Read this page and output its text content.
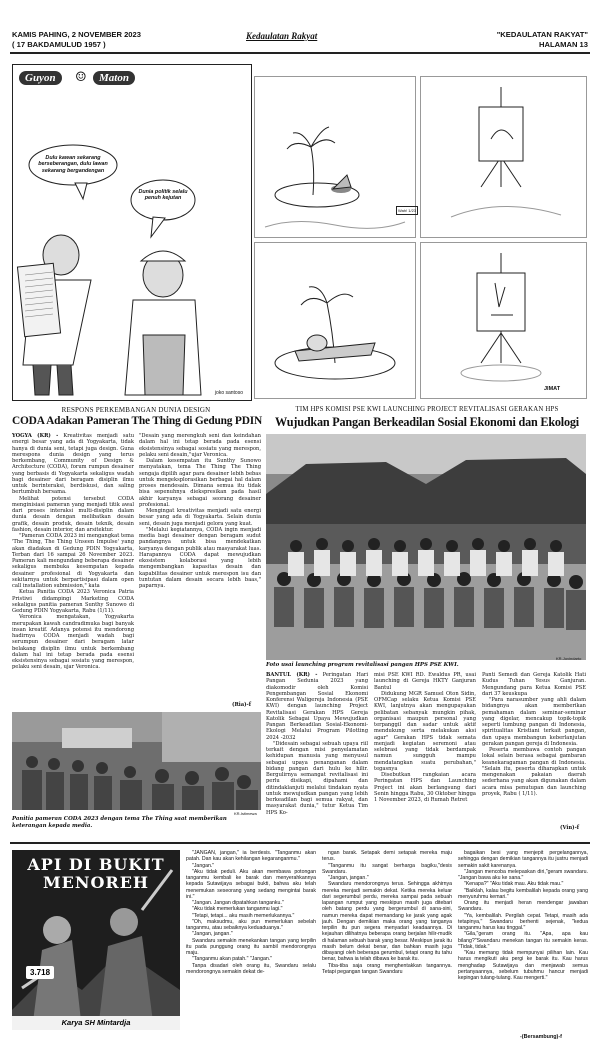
KAMIS PAHING, 2 NOVEMBER 2023
( 17 BAKDAMULUD 1957 )
Kedaulatan Rakyat	"KEDAULATAN RAKYAT"
HALAMAN 13
Guyon	☺	Maton
Dulu kawan sekarang berseberangan, dulu lawan sekarang bergandengan
Dunia politik selalu penuh kejutan
joko santoso
Wah! 1/23
JIMAT
RESPONS PERKEMBANGAN DUNIA DESIGN
CODA Adakan Pameran The Thing di Gedung PDIN

YOGYA (KR) - Kreativitas menjadi satu energi besar yang ada di Yogyakarta, tidak hanya di dunia seni, tetapi juga design. Guna merespons dunia design yang terus berkembang, Community of Design & Architecture (CODA), forum rumpun desainer yang berbasis di Yogyakarta sekaligus wadah bagi desainer dari beragam disiplin ilmu untuk berinteraksi, berdiskusi, dan saling bertumbuh bersama.

Melihat potensi tersebut CODA menginisiasi pameran yang menjadi titik awal dari proses interaksi multi-disiplin dalam dunia desain dengan melibatkan desain grafik, desain produk, desain teknik, desain fashion, desain interior, dan arsitektur.

"Pameran CODA 2023 ini mengangkat tema 'The Thing, The Thing Unseen Impulse' yang akan diadakan di Gedung PDIN Yogyakarta, Terban dari 16 sampai 26 November 2023. Pameran kali mengundang beberapa desainer sekaligus membuka kesempatan kepada desainer profesional di Yogyakarta dan sekitarnya untuk berpartisipasi dalam open call installation submission," kata

Ketua Panitia CODA 2023 Veronica Patria Pristiwi didampingi Marketing CODA sekaligus panitia pameran Sunthy Sunowo di Gedung PDIN Yogyakarta, Rabu (1/11).

Veronica mengatakan, Yogyakarta merupakan kawah candradimuka bagi banyak insan kreatif. Adanya potensi itu mendorong hadirnya CODA menjadi wadah bagi serumpun desainer dari beragam latar belakang disiplin ilmu untuk berkembang dalam hal ini tetap berada pada esensi eksistensinya sebagai sosiatu yang merespon, pelaku seni desain, ujar Veronica.

"Desain yang merengkuh seni dan keindahan dalam hal ini tetap berada pada esensi eksistensinya sebagai sosiatu yang merespon, pelaku seni desain,"ujar Veronica.

Dalam kesempatan itu Sunthy Sunowo menyatakan, tema The Thing The Thing sengaja dipilih agar para desainer lebih bebas untuk mengeksplorasikan berbagai hal dalam proses mendesain. Dimana semua itu tidak bisa sepenuhnya diekspresikan pada hasil akhir karyanya sebagai seorang desainer profesional.

Mengingat kreativitas menjadi satu energi besar yang ada di Yogyakarta. Selain dunia seni, desain juga menjadi gelora yang kuat.

"Melalui kegiatannya, CODA ingin menjadi media bagi desainer dengan beragam sudut pandangnya untuk bisa mendekatkan karyanya dengan publik atau masyarakat luas. Harapannya CODA dapat mewujudkan ekosistem kolaborasi yang lebih mengembangkan kapasitas desain dan kapabilitas desainer untuk merespon isu dan tuntutan dalam desain secara lebih baas," paparnya.

(Ria)-f
KR-Istimewa
Panitia pameran CODA 2023 dengan tema The Thing saat memberikan keterangan kepada media.
TIM HPS KOMISI PSE KWI LAUNCHING PROJECT REVITALISASI GERAKAN HPS
Wujudkan Pangan Berkeadilan Sosial Ekonomi dan Ekologi
KR-Jovindarto
Foto usai launching program revitalisasi pangan HPS PSE KWI.

BANTUL (KR) - Peringatan Hari Pangan Sedunia 2023 yang diakomodir oleh Komisi Pengembangan Sosial Ekonomi Konferensi Waligereja Indonesia (PSE KWI) dengan launching Project Revitalisasi Gerakan HPS Gereja Katolik Sebagai Upaya Mewujudkan Pangan Berkeadilan Sosial-Ekonomi-Ekologi Melalui Program Pilotting 2024 -2032

"Didesain sebagai sebuah upaya riil terkait dengan misi penyelamatan kehidupan manusia yang menyusul sebagai upaya penanganan dalam bidang pangan dari hulu ke hilir. Bergulirnya semangat revitalisasi ini perlu disikapi, dipahami dan ditindaklanjuti melalui tindakan nyata untuk mewujudkan pangan yang lebih berkeadilan bagi semua rakyat, dan masyarakat dunia," tutur Ketua Tim HPS Ko-

misi PSE KWI RD. Ewaldus PR, usai launching di Gereja HKTY Ganjuran Bantul

Didukung MGR Samuel Oton Sidin, OFMCap selaku Ketua Komisi PSE KWI, lanjutnya akan mengupayakan pelibatan sebanyak mungkin pihak, organisasi maupun personal yang terpanggil dan sadar untuk aktif mendukung serta melakukan aksi agar" Gerakan HPS tidak semata menjadi kegiatan seremoni atau selebrasi yang tidak berdampak namun sungguh mampu mendatangkan suatu perubahan," tegasnya

Disebutkan rangkaian acara Peringatan HPS dan Launching Project ini akan berlangsung dari Senin hingga Rabu, 30 Oktober hingga 1 November 2023, di Rumah Retret

Panti Semedi dan Gereja Katolik Hati Kudus Tuhan Yesus Ganjuran. Mengundang para Ketua Komisi PSE dari 37 keuskupa

"Para narasumber yang ahli dalam bidangnya akan memberikan pemahaman dalam seminar-seminar yang digelar, mencakup topik-topik seperti lumbung pangan di Indonesia, spiritualitas Kristiani terkait pangan, dan upaya membangun keberlanjutan gerakan pangan gereja di Indonesia.

Peserta membawa contoh pangan lokal selain berasa sebagai gambaran keanekaragaman pangan di Indonesia. "Selain itu, peserta diharapkan untuk mengenakan pakaian daerah sederhana yang akan digunakan dalam acara misa penutupan dan launching proyek, Rabu ( 1/11).

(Vin)-f
API DI BUKIT MENOREH
3.718
Karya SH Mintardja

"JANGAN, jangan," ia berdesis. "Tanganmu akan patah. Dan kau akan kehilangan kegaranganmu."

"Jangan."

"Aku tidak peduli. Aku akan membawa potongan tanganmu kembali ke barak dan menyerahkannya kepada Sutawijaya sebagai bukti, bahwa aku telah menemukan seseorang yang sedang mengintai barak ini."

"Jangan. Jangan dipatahkan tanganku."

"Aku tidak memerlukan tanganmu lagi."

"Tetapi, tetapi... aku masih memerlukannya."

"Oh, maksudmu, aku pun memerlukan sebelah tanganmu, atau sebaiknya keduaduanya."

"Jangan, jangan."

Swandaru semakin menekankan tangan yang terpilin itu pada punggung orang itu sambil mendorongnya maju.

"Tanganmu akan patah." "Jangan."

Tanpa disadari oleh orang itu, Swandaru selalu mendorongnya semakin dekat de-

ngan barak. Setapak demi setapak mereka maju terus.

"Tanganmu itu sangat berharga bagiku,"desis Swandaru.

"Jangan, jangan."

Swandaru mendorongnya terus. Sehingga akhirnya mereka menjadi semakin dekat. Ketika mereka keluar dari segerumbul perdu, mereka sampai pada sebuah lapangan rumput yang meskipun masih juga ditebari oleh batang perdu yang bergerumbul di sana-sini, namun mereka dapat memandang ke jarak yang agak jauh. Dengan demikian maka orang yang tanganya terpilin itu pun segera menyadari keadaannya. Di kejauhan dilihatnya beberapa orang berjalan hilir-mudik di halaman sebuah barak yang besar. Meskipun jarak itu masih belum dekat benar, dan bahkan masih juga dibayangi oleh beberapa gerumbul, tetapi orang itu tahu benar, bahwa ia telah dibawa ke barak itu.

Tiba-tiba saja orang menghentakkan tangannya. Tetapi pegangan tangan Swandaru

bagaikan besi yang menjepit pergelangannya, sehingga dengan demikian tangannya itu justru menjadi semakin sakit karenanya.

"Jangan mencoba melepaskan diri,"geram swandaru. "Jangan bawa aku ke sana."

"Kenapa?" "Aku tidak mau. Aku tidak mau."

"Baiklah, kalau begitu kembalilah kepada orang yang menyuruhmu kemari."

Orang itu menjadi heran mendengar jawaban Swandaru.

"Ya, kembalilah. Pergilah cepat. Tetapi, masih ada tetapinya," Swandaru berhenti sejenak, "kedua tanganmu harus kau tinggal."

"Gila,"geram orang itu. "Apa, apa kau bilang?"Swandaru menekan tangan itu semakin keras. "Tidak, tidak."

"Kau memang tidak mempunyai pilihan lain. Kau harus mengikuti aku pergi ke barak itu. Kau harus menghadap Sutawijaya dan menjawab semua pertanyaannya, sebelum tubuhmu hancur menjadi kepingan tulang-tulang. Kau mengerti."

-(Bersambung)-f
